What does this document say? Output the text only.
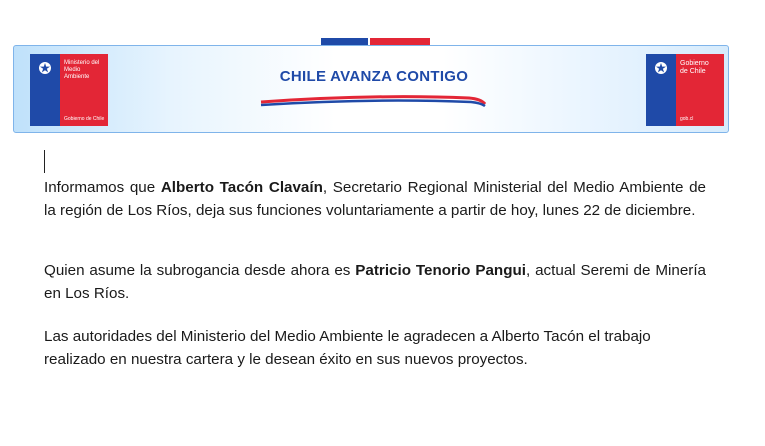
Ministerio del
Medio
Ambiente
Gobierno de Chile
CHILE AVANZA CONTIGO
Gobierno
de Chile
gob.cl

Informamos que Alberto Tacón Clavaín, Secretario Regional Ministerial del Medio Ambiente de la región de Los Ríos, deja sus funciones voluntariamente a partir de hoy, lunes 22 de diciembre.

Quien asume la subrogancia desde ahora es Patricio Tenorio Pangui, actual Seremi de Minería en Los Ríos.

Las autoridades del Ministerio del Medio Ambiente le agradecen a Alberto Tacón el trabajo
realizado en nuestra cartera y le desean éxito en sus nuevos proyectos.
